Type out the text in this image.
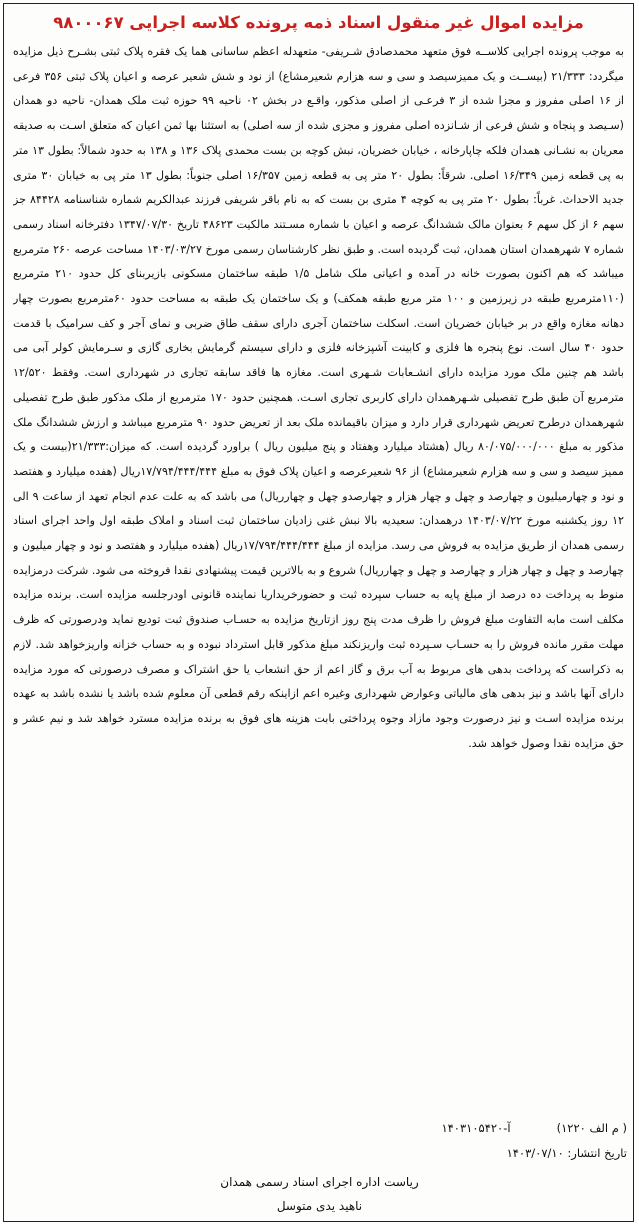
مزایده اموال غیر منقول اسناد ذمه پرونده کلاسه اجرایی ۹۸۰۰۰۶۷
به موجب پرونده اجرایی کلاســه فوق متعهد محمدصادق شـریفی- متعهدله اعظم ساسانی هما یک فقره پلاک ثبتی بشـرح ذیل مزایده میگردد: ۲۱/۳۳۳ (بیســت و یک ممیزسیصد و سی و سه هزارم شعیرمشاع) از نود و شش شعیر عرصه و اعیان پلاک ثبتی ۳۵۶ فرعی از ۱۶ اصلی مفروز و مجزا شده از ۳ فرعـی از اصلی مذکور، واقـع در بخش ۰۲ ناحیه ۹۹ حوزه ثبت ملک همدان- ناحیه دو همدان (سـیصد و پنجاه و شش فرعی از شـانزده اصلی مفروز و مجزی شده از سه اصلی) به استثنا بها ثمن اعیان که متعلق اسـت به صدیقه معریان به نشـانی همدان فلکه چاپارخانه ، خیابان خضریان، نبش کوچه بن بست محمدی پلاک ۱۳۶ و ۱۳۸ به حدود شمالاً: بطول ۱۳ متر به پی قطعه زمین ۱۶/۳۴۹ اصلی. شرقاً: بطول ۲۰ متر پی به قطعه زمین ۱۶/۳۵۷ اصلی جنوباً: بطول ۱۳ متر پی به خیابان ۳۰ متری جدید الاحداث. غرباً: بطول ۲۰ متر پی به کوچه ۴ متری بن بست که به نام باقر شریفی فرزند عبدالکریم شماره شناسنامه ۸۴۴۲۸ جز سهم ۶ از کل سهم ۶ بعنوان مالک ششدانگ عرصه و اعیان با شماره مسـتند مالکیت ۴۸۶۲۳ تاریخ ۱۳۴۷/۰۷/۳۰ دفترخانه اسناد رسمی شماره ۷ شهرهمدان استان همدان، ثبت گردیده است. و طبق نظر کارشناسان رسمی مورخ ۱۴۰۳/۰۳/۲۷ مساحت عرصه ۲۶۰ مترمربع میباشد که هم اکنون بصورت خانه در آمده و اعیانی ملک شامل ۱/۵ طبقه ساختمان مسکونی بازیربنای کل حدود ۲۱۰ مترمربع (۱۱۰مترمربع طبقه در زیرزمین و ۱۰۰ متر مربع طبقه همکف) و یک ساختمان یک طبقه به مساحت حدود ۶۰مترمربع بصورت چهار دهانه مغازه واقع در بر خیابان خضریان است. اسکلت ساختمان آجری دارای سقف طاق ضربی و نمای آجر و کف سرامیک با قدمت حدود ۴۰ سال است. نوع پنجره ها فلزی و کابینت آشپزخانه فلزی و دارای سیستم گرمایش بخاری گازی و سـرمایش کولر آبی می باشد هم چنین ملک مورد مزایده دارای انشـعابات شـهری است. مغازه ها فاقد سابقه تجاری در شهرداری است. وفقط ۱۲/۵۲۰ مترمربع آن طبق طرح تفصیلی شـهرهمدان دارای کاربری تجاری اسـت. همچنین حدود ۱۷۰ مترمربع از ملک مذکور طبق طرح تفصیلی شهرهمدان درطرح تعریض شهرداری قرار دارد و میزان باقیمانده ملک بعد از تعریض حدود ۹۰ مترمربع میباشد و ارزش ششدانگ ملک مذکور به مبلغ ۸۰/۰۷۵/۰۰۰/۰۰۰ ریال (هشتاد میلیارد وهفتاد و پنج میلیون ریال ) براورد گردیده است. که میزان:۲۱/۳۳۳(بیست و یک ممیز سیصد و سی و سه هزارم شعیرمشاع) از ۹۶ شعیرعرصه و اعیان پلاک فوق به مبلغ ۱۷/۷۹۴/۴۴۴/۴۴۴ریال (هفده میلیارد و هفتصد و نود و چهارمیلیون و چهارصد و چهل و چهار هزار و چهارصدو چهل و چهارریال) می باشد که به علت عدم انجام تعهد از ساعت ۹ الی ۱۲ روز یکشنبه مورخ ۱۴۰۳/۰۷/۲۲ درهمدان: سعیدیه بالا نبش غنی زادیان ساختمان ثبت اسناد و املاک طبقه اول واحد اجرای اسناد رسمی همدان از طریق مزایده به فروش می رسد. مزایده از مبلغ ۱۷/۷۹۴/۴۴۴/۴۴۴ریال (هفده میلیارد و هفتصد و نود و چهار میلیون و چهارصد و چهل و چهار هزار و چهارصد و چهل و چهارریال) شروع و به بالاترین قیمت پیشنهادی نقدا فروخته می شود. شرکت درمزایده منوط به پرداخت ده درصد از مبلغ پایه به حساب سپرده ثبت و حضورخریداریا نماینده قانونی اودرجلسه مزایده است. برنده مزایده مکلف است مابه التفاوت مبلغ فروش را ظرف مدت پنج روز ازتاریخ مزایده به حسـاب صندوق ثبت تودیع نماید ودرصورتی که ظرف مهلت مقرر مانده فروش را به حسـاب سـپرده ثبت واریزنکند مبلغ مذکور قابل استرداد نبوده و به حساب خزانه واریزخواهد شد. لازم به ذکراست که پرداخت بدهی های مربوط به آب برق و گاز اعم از حق انشعاب یا حق اشتراک و مصرف درصورتی که مورد مزایده دارای آنها باشد و نیز بدهی های مالیاتی وعوارض شهرداری وغیره اعم ازاینکه رقم قطعی آن معلوم شده باشد یا نشده باشد به عهده برنده مزایده اسـت و نیز درصورت وجود مازاد وجوه پرداختی بابت هزینه های فوق به برنده مزایده مسترد خواهد شد و نیم عشر و حق مزایده نقدا وصول خواهد شد.
( م الف ۱۲۲۰)آ-۱۴۰۳۱۰۵۴۲۰
تاریخ انتشار: ۱۴۰۳/۰۷/۱۰
ریاست اداره اجرای اسناد رسمی همدان
ناهید یدی متوسل
